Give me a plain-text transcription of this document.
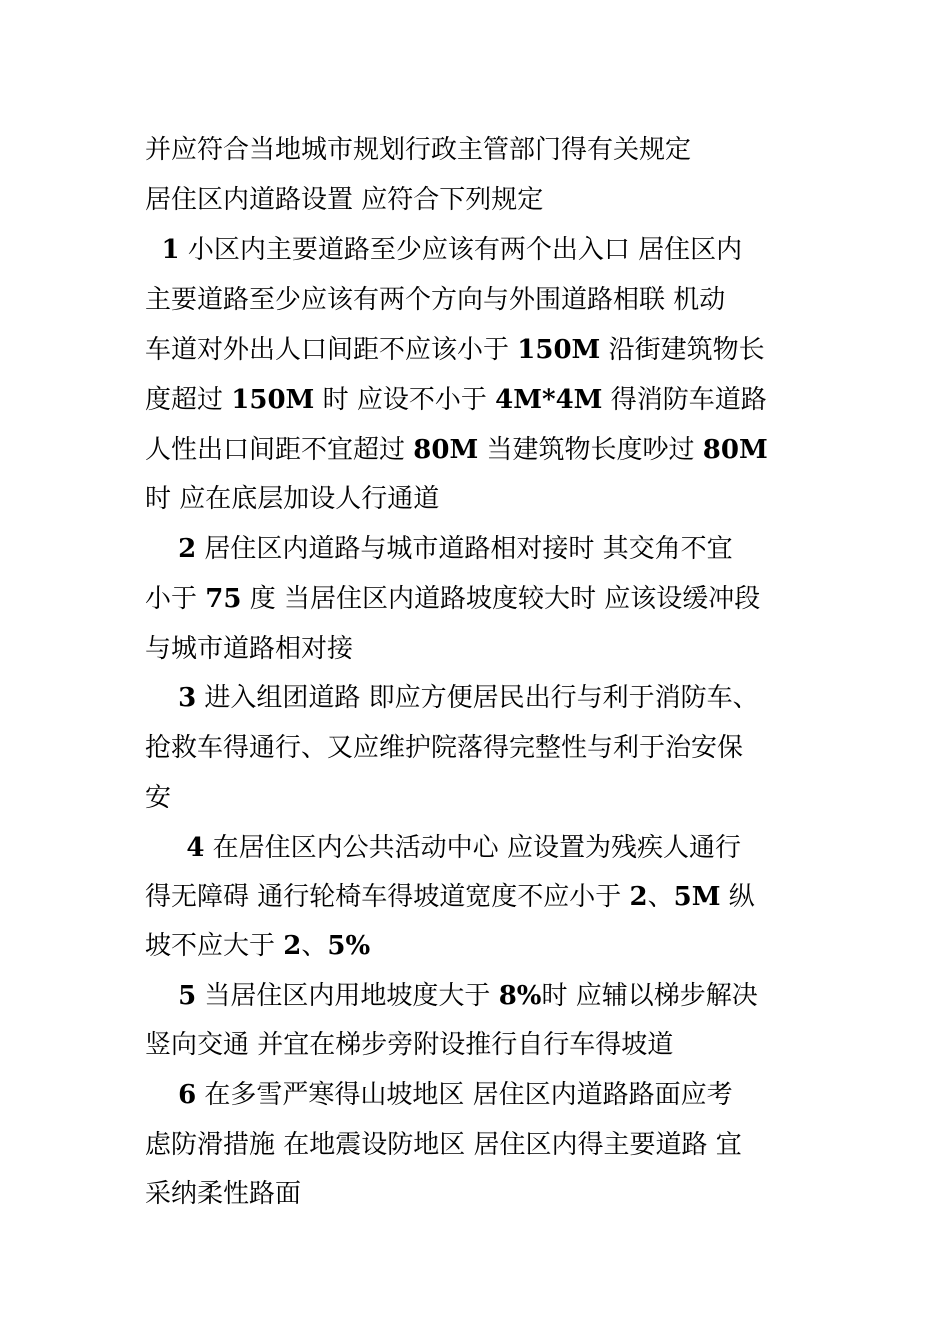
并应符合当地城市规划行政主管部门得有关规定
居住区内道路设置 应符合下列规定
1 小区内主要道路至少应该有两个出入口 居住区内
主要道路至少应该有两个方向与外围道路相联 机动
车道对外出人口间距不应该小于 150M 沿街建筑物长
度超过 150M 时 应设不小于 4M*4M 得消防车道路
人性出口间距不宜超过 80M 当建筑物长度吵过 80M
时 应在底层加设人行通道
2 居住区内道路与城市道路相对接时 其交角不宜
小于 75 度 当居住区内道路坡度较大时 应该设缓冲段
与城市道路相对接
3 进入组团道路 即应方便居民出行与利于消防车、
抢救车得通行、又应维护院落得完整性与利于治安保
安
4 在居住区内公共活动中心 应设置为残疾人通行
得无障碍 通行轮椅车得坡道宽度不应小于 2、5M 纵
坡不应大于 2、5%
5 当居住区内用地坡度大于 8%时 应辅以梯步解决
竖向交通 并宜在梯步旁附设推行自行车得坡道
6 在多雪严寒得山坡地区 居住区内道路路面应考
虑防滑措施 在地震设防地区 居住区内得主要道路 宜
采纳柔性路面
